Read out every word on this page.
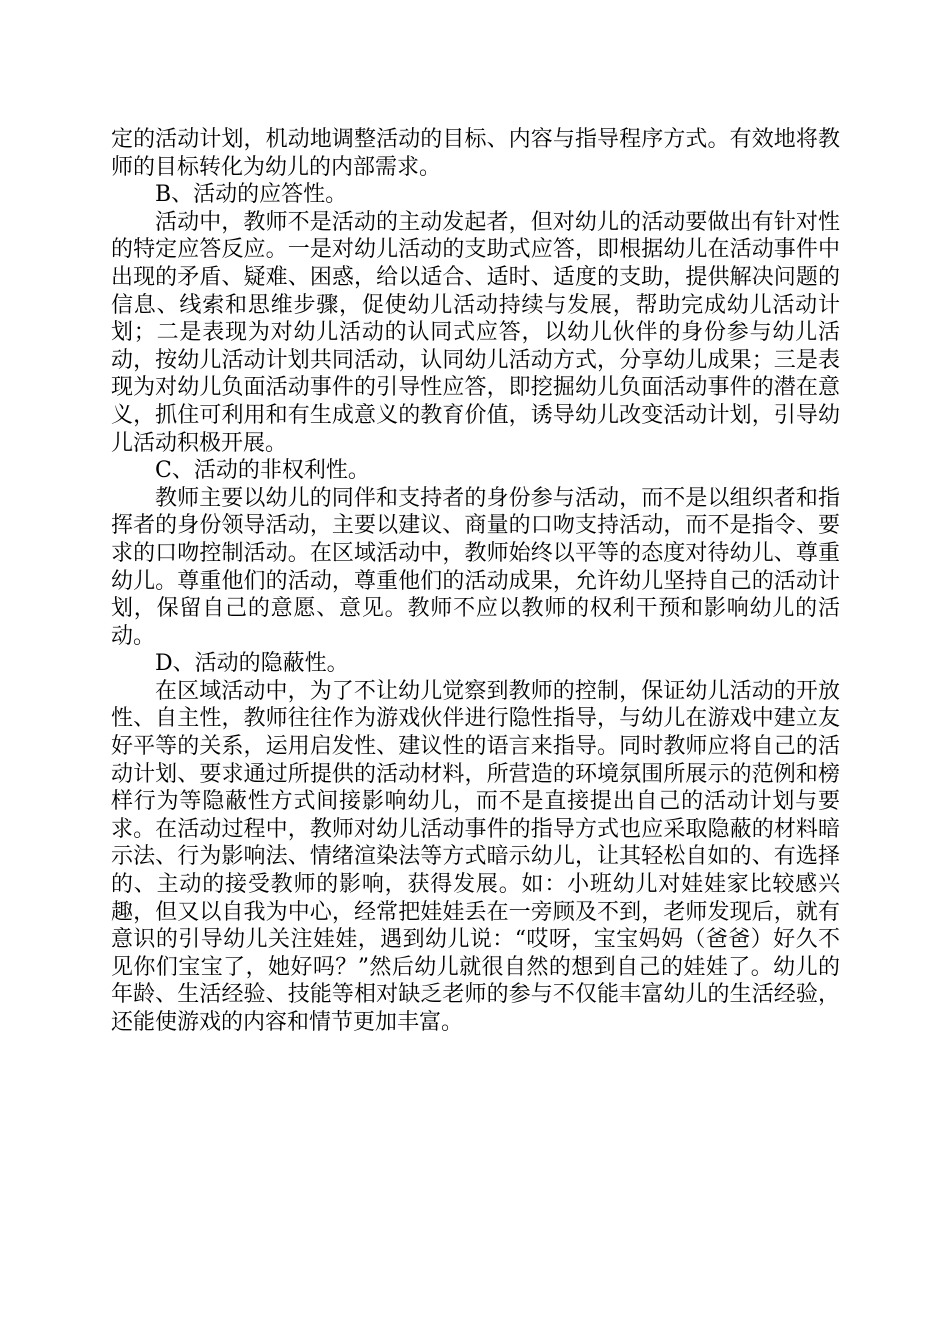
定的活动计划，机动地调整活动的目标、内容与指导程序方式。有效地将教师的目标转化为幼儿的内部需求。

B、活动的应答性。

活动中，教师不是活动的主动发起者，但对幼儿的活动要做出有针对性的特定应答反应。一是对幼儿活动的支助式应答，即根据幼儿在活动事件中出现的矛盾、疑难、困惑，给以适合、适时、适度的支助，提供解决问题的信息、线索和思维步骤，促使幼儿活动持续与发展，帮助完成幼儿活动计划；二是表现为对幼儿活动的认同式应答，以幼儿伙伴的身份参与幼儿活动，按幼儿活动计划共同活动，认同幼儿活动方式，分享幼儿成果；三是表现为对幼儿负面活动事件的引导性应答，即挖掘幼儿负面活动事件的潜在意义，抓住可利用和有生成意义的教育价值，诱导幼儿改变活动计划，引导幼儿活动积极开展。

C、活动的非权利性。

教师主要以幼儿的同伴和支持者的身份参与活动，而不是以组织者和指挥者的身份领导活动，主要以建议、商量的口吻支持活动，而不是指令、要求的口吻控制活动。在区域活动中，教师始终以平等的态度对待幼儿、尊重幼儿。尊重他们的活动，尊重他们的活动成果，允许幼儿坚持自己的活动计划，保留自己的意愿、意见。教师不应以教师的权利干预和影响幼儿的活动。

D、活动的隐蔽性。

在区域活动中，为了不让幼儿觉察到教师的控制，保证幼儿活动的开放性、自主性，教师往往作为游戏伙伴进行隐性指导，与幼儿在游戏中建立友好平等的关系，运用启发性、建议性的语言来指导。同时教师应将自己的活动计划、要求通过所提供的活动材料，所营造的环境氛围所展示的范例和榜样行为等隐蔽性方式间接影响幼儿，而不是直接提出自己的活动计划与要求。在活动过程中，教师对幼儿活动事件的指导方式也应采取隐蔽的材料暗示法、行为影响法、情绪渲染法等方式暗示幼儿，让其轻松自如的、有选择的、主动的接受教师的影响，获得发展。如：小班幼儿对娃娃家比较感兴趣，但又以自我为中心，经常把娃娃丢在一旁顾及不到，老师发现后，就有意识的引导幼儿关注娃娃，遇到幼儿说：“哎呀，宝宝妈妈（爸爸）好久不见你们宝宝了，她好吗？”然后幼儿就很自然的想到自己的娃娃了。幼儿的年龄、生活经验、技能等相对缺乏老师的参与不仅能丰富幼儿的生活经验，还能使游戏的内容和情节更加丰富。
